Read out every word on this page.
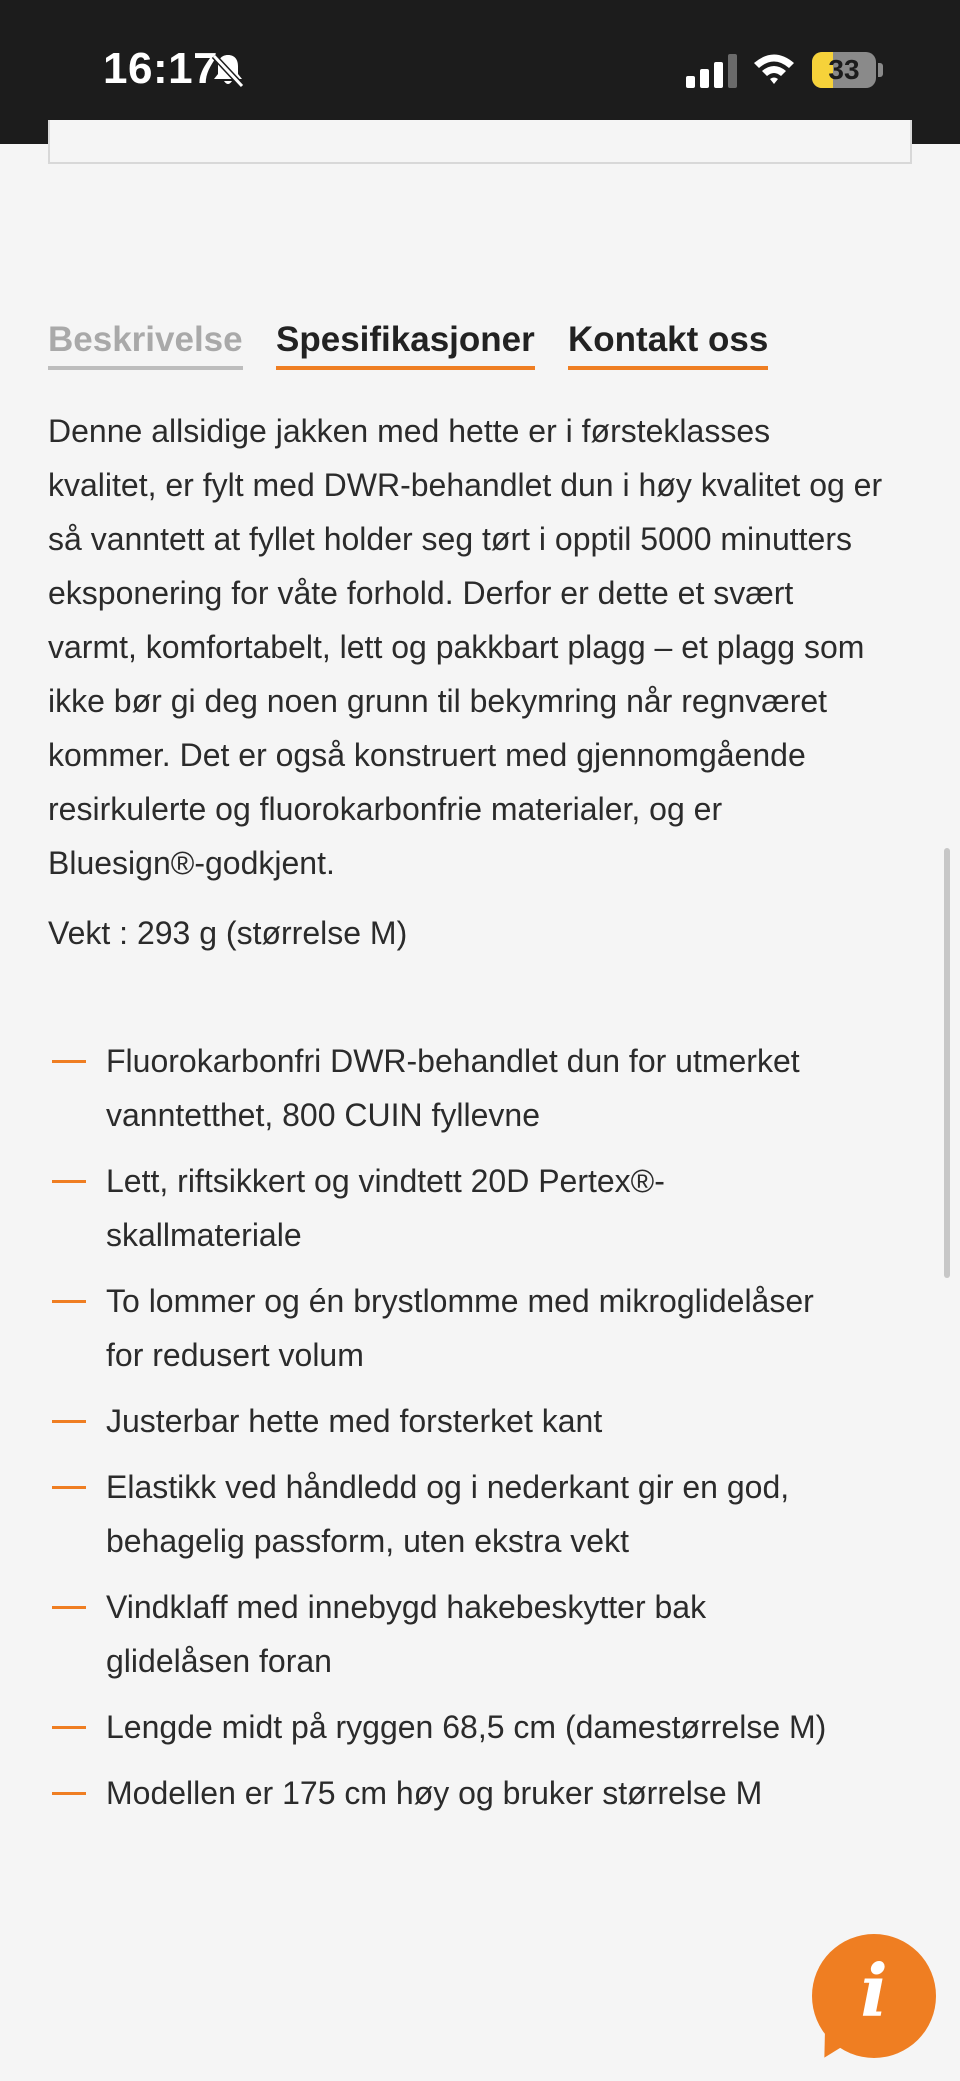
16:17	33
Beskrivelse Spesifikasjoner Kontakt oss
Denne allsidige jakken med hette er i førsteklasses
kvalitet, er fylt med DWR-behandlet dun i høy kvalitet og er
så vanntett at fyllet holder seg tørt i opptil 5000 minutters
eksponering for våte forhold. Derfor er dette et svært
varmt, komfortabelt, lett og pakkbart plagg – et plagg som
ikke bør gi deg noen grunn til bekymring når regnværet
kommer. Det er også konstruert med gjennomgående
resirkulerte og fluorokarbonfrie materialer, og er
Bluesign®-godkjent.
Vekt : 293 g (størrelse M)
Fluorokarbonfri DWR-behandlet dun for utmerket
vanntetthet, 800 CUIN fyllevne
Lett, riftsikkert og vindtett 20D Pertex®-
skallmateriale
To lommer og én brystlomme med mikroglidelåser
for redusert volum
Justerbar hette med forsterket kant
Elastikk ved håndledd og i nederkant gir en god,
behagelig passform, uten ekstra vekt
Vindklaff med innebygd hakebeskytter bak
glidelåsen foran
Lengde midt på ryggen 68,5 cm (damestørrelse M)
Modellen er 175 cm høy og bruker størrelse M
i
